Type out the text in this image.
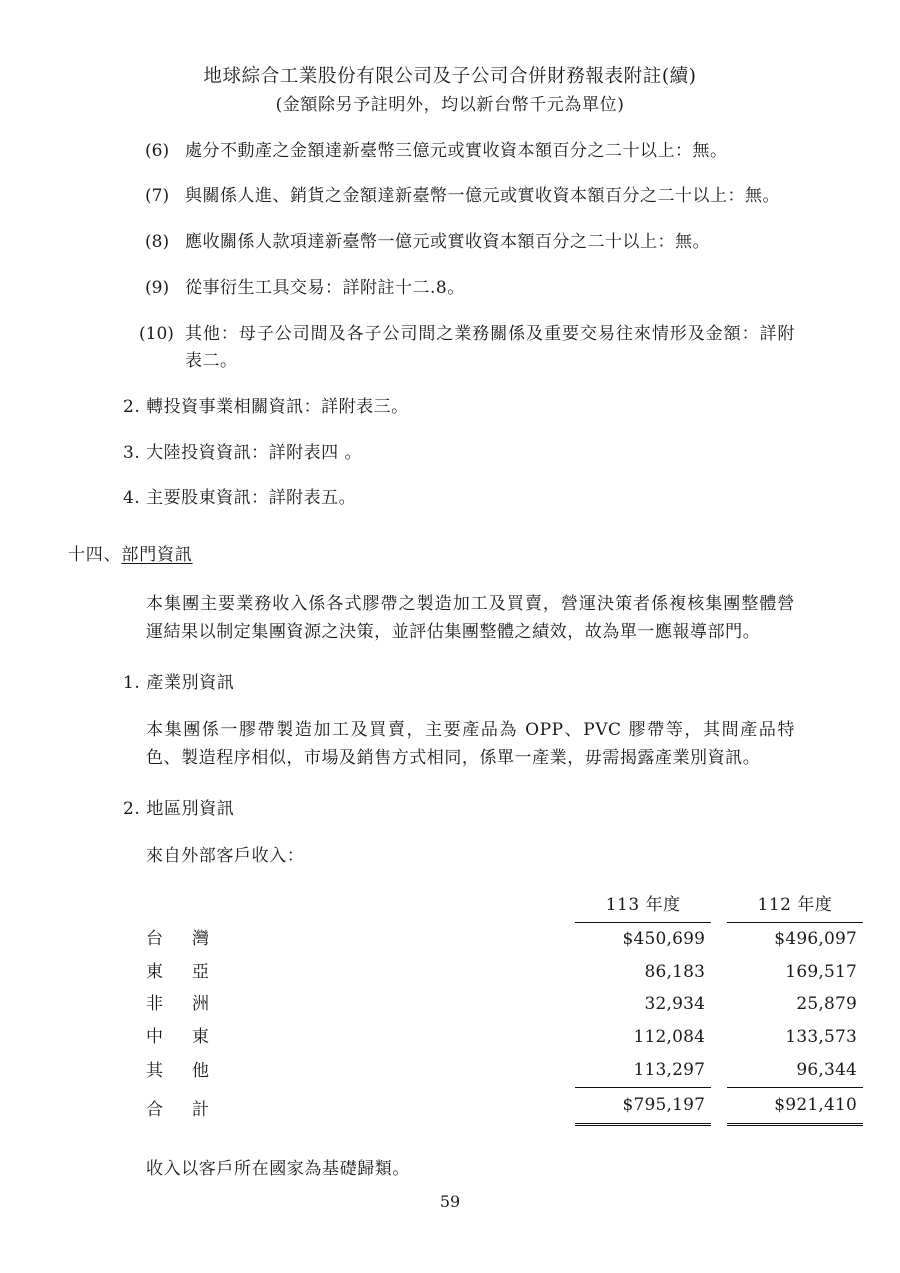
地球綜合工業股份有限公司及子公司合併財務報表附註(續)
(金額除另予註明外，均以新台幣千元為單位)
(6) 處分不動產之金額達新臺幣三億元或實收資本額百分之二十以上：無。
(7) 與關係人進、銷貨之金額達新臺幣一億元或實收資本額百分之二十以上：無。
(8) 應收關係人款項達新臺幣一億元或實收資本額百分之二十以上：無。
(9) 從事衍生工具交易：詳附註十二.8。
(10) 其他：母子公司間及各子公司間之業務關係及重要交易往來情形及金額：詳附表二。
2. 轉投資事業相關資訊：詳附表三。
3. 大陸投資資訊：詳附表四 。
4. 主要股東資訊：詳附表五。
十四、部門資訊
本集團主要業務收入係各式膠帶之製造加工及買賣，營運決策者係複核集團整體營運結果以制定集團資源之決策，並評估集團整體之績效，故為單一應報導部門。
1. 產業別資訊
本集團係一膠帶製造加工及買賣，主要產品為 OPP、PVC 膠帶等，其間產品特色、製造程序相似，市場及銷售方式相同，係單一產業，毋需揭露產業別資訊。
2. 地區別資訊
來自外部客戶收入：
	113 年度		112 年度
台 灣	$450,699		$496,097
東 亞	86,183		169,517
非 洲	32,934		25,879
中 東	112,084		133,573
其 他	113,297		96,344
合 計	$795,197		$921,410
收入以客戶所在國家為基礎歸類。
59
